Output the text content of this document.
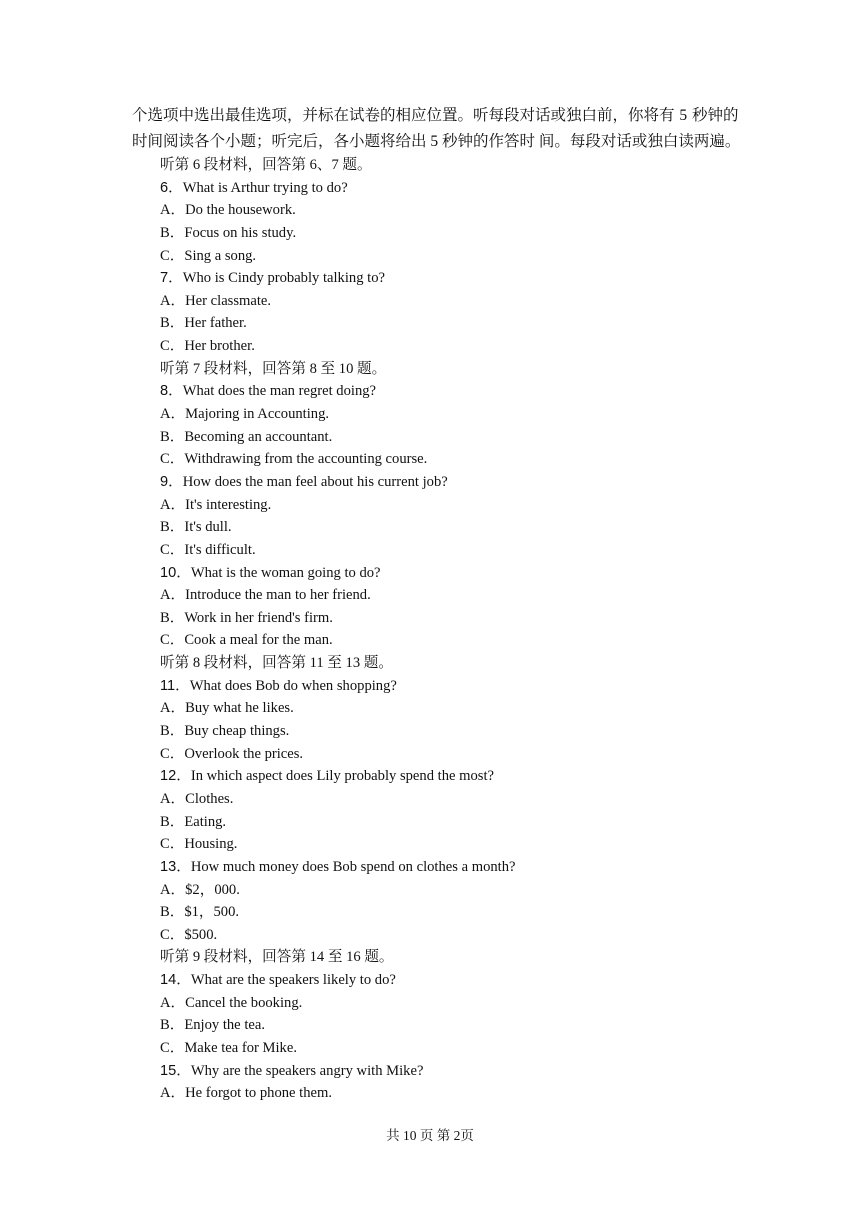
个选项中选出最佳选项，并标在试卷的相应位置。听每段对话或独白前，你将有 5 秒钟的
时间阅读各个小题；听完后，各小题将给出 5 秒钟的作答时 间。每段对话或独白读两遍。
听第 6 段材料，回答第 6、7 题。
6．What is Arthur trying to do?
A．Do the housework.
B．Focus on his study.
C．Sing a song.
7．Who is Cindy probably talking to?
A．Her classmate.
B．Her father.
C．Her brother.
听第 7 段材料，回答第 8 至 10 题。
8．What does the man regret doing?
A．Majoring in Accounting.
B．Becoming an accountant.
C．Withdrawing from the accounting course.
9．How does the man feel about his current job?
A．It's interesting.
B．It's dull.
C．It's difficult.
10．What is the woman going to do?
A．Introduce the man to her friend.
B．Work in her friend's firm.
C．Cook a meal for the man.
听第 8 段材料，回答第 11 至 13 题。
11．What does Bob do when shopping?
A．Buy what he likes.
B．Buy cheap things.
C．Overlook the prices.
12．In which aspect does Lily probably spend the most?
A．Clothes.
B．Eating.
C．Housing.
13．How much money does Bob spend on clothes a month?
A．$2，000.
B．$1，500.
C．$500.
听第 9 段材料，回答第 14 至 16 题。
14．What are the speakers likely to do?
A．Cancel the booking.
B．Enjoy the tea.
C．Make tea for Mike.
15．Why are the speakers angry with Mike?
A．He forgot to phone them.
共 10 页 第 2页
